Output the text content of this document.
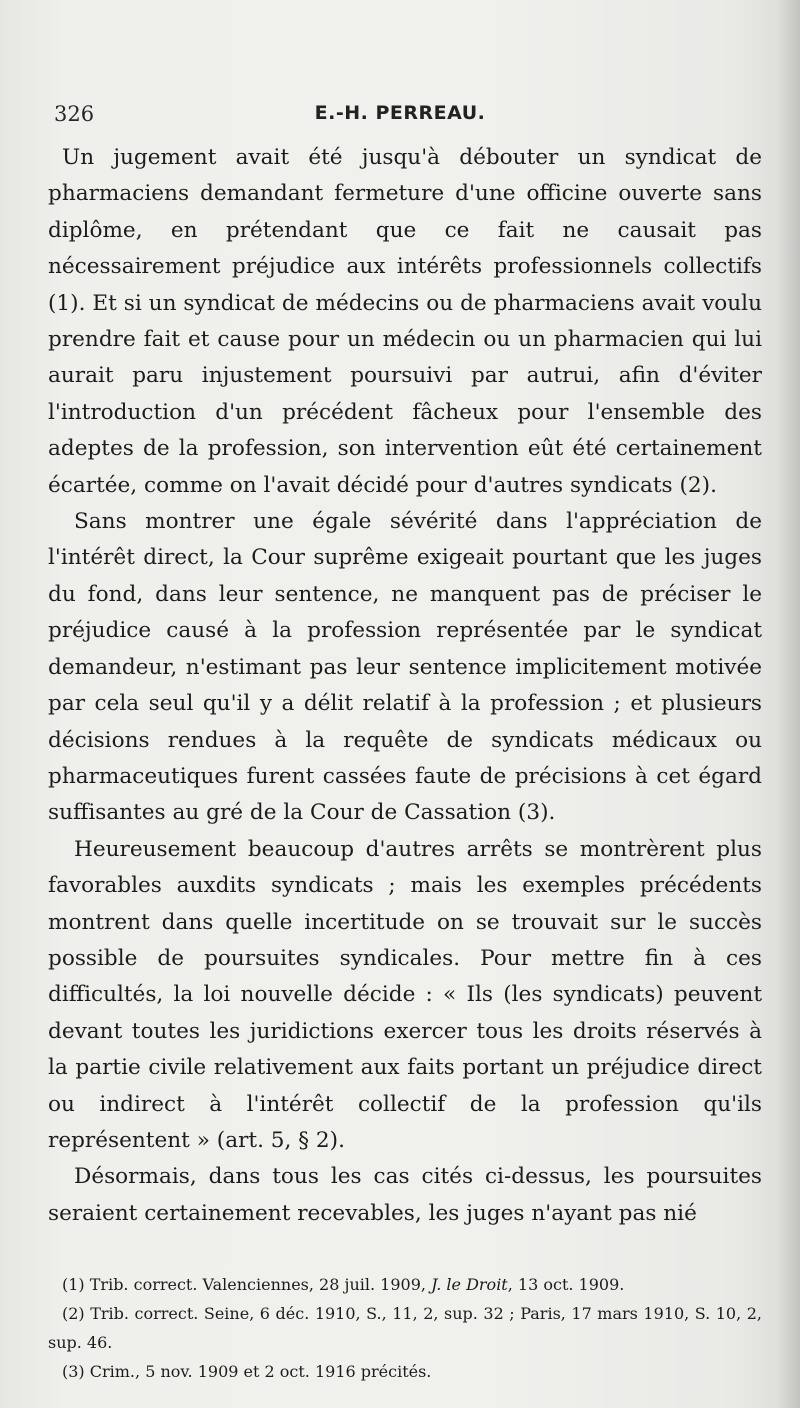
326	E.-H. PERREAU.

Un jugement avait été jusqu'à débouter un syndicat de pharmaciens demandant fermeture d'une officine ouverte sans diplôme, en prétendant que ce fait ne causait pas nécessairement préjudice aux intérêts professionnels collectifs (1). Et si un syndicat de médecins ou de pharmaciens avait voulu prendre fait et cause pour un médecin ou un pharmacien qui lui aurait paru injustement poursuivi par autrui, afin d'éviter l'introduction d'un précédent fâcheux pour l'ensemble des adeptes de la profession, son intervention eût été certainement écartée, comme on l'avait décidé pour d'autres syndicats (2).

Sans montrer une égale sévérité dans l'appréciation de l'intérêt direct, la Cour suprême exigeait pourtant que les juges du fond, dans leur sentence, ne manquent pas de préciser le préjudice causé à la profession représentée par le syndicat demandeur, n'estimant pas leur sentence implicitement motivée par cela seul qu'il y a délit relatif à la profession ; et plusieurs décisions rendues à la requête de syndicats médicaux ou pharmaceutiques furent cassées faute de précisions à cet égard suffisantes au gré de la Cour de Cassation (3).

Heureusement beaucoup d'autres arrêts se montrèrent plus favorables auxdits syndicats ; mais les exemples précédents montrent dans quelle incertitude on se trouvait sur le succès possible de poursuites syndicales. Pour mettre fin à ces difficultés, la loi nouvelle décide : « Ils (les syndicats) peuvent devant toutes les juridictions exercer tous les droits réservés à la partie civile relativement aux faits portant un préjudice direct ou indirect à l'intérêt collectif de la profession qu'ils représentent » (art. 5, § 2).

Désormais, dans tous les cas cités ci-dessus, les poursuites seraient certainement recevables, les juges n'ayant pas nié

(1) Trib. correct. Valenciennes, 28 juil. 1909, J. le Droit, 13 oct. 1909.

(2) Trib. correct. Seine, 6 déc. 1910, S., 11, 2, sup. 32 ; Paris, 17 mars 1910, S. 10, 2, sup. 46.

(3) Crim., 5 nov. 1909 et 2 oct. 1916 précités.
